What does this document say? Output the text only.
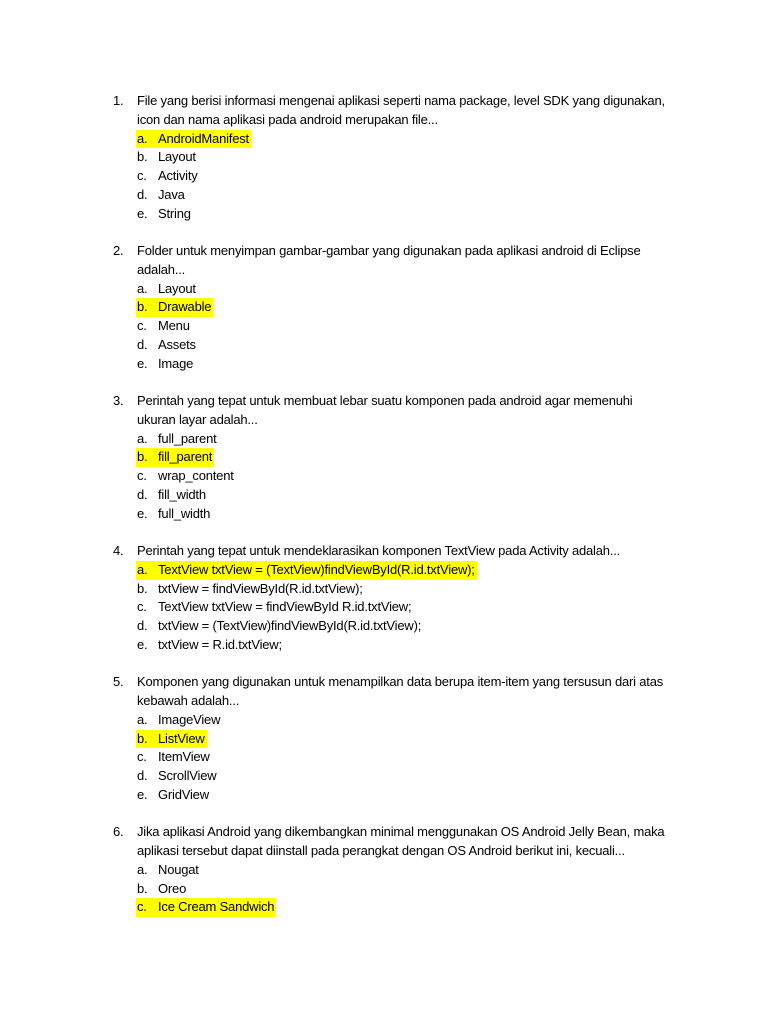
1.	File yang berisi informasi mengenai aplikasi seperti nama package, level SDK yang digunakan,
icon dan nama aplikasi pada android merupakan file...
a. AndroidManifest
b. Layout
c. Activity
d. Java
e. String
2.	Folder untuk menyimpan gambar-gambar yang digunakan pada aplikasi android di Eclipse
adalah...
a. Layout
b. Drawable
c. Menu
d. Assets
e. Image
3.	Perintah yang tepat untuk membuat lebar suatu komponen pada android agar memenuhi
ukuran layar adalah...
a. full_parent
b. fill_parent
c. wrap_content
d. fill_width
e. full_width
4.	Perintah yang tepat untuk mendeklarasikan komponen TextView pada Activity adalah...
a. TextView txtView = (TextView)findViewById(R.id.txtView);
b. txtView = findViewById(R.id.txtView);
c. TextView txtView = findViewById R.id.txtView;
d. txtView = (TextView)findViewById(R.id.txtView);
e. txtView = R.id.txtView;
5.	Komponen yang digunakan untuk menampilkan data berupa item-item yang tersusun dari atas
kebawah adalah...
a. ImageView
b. ListView
c. ItemView
d. ScrollView
e. GridView
6.	Jika aplikasi Android yang dikembangkan minimal menggunakan OS Android Jelly Bean, maka
aplikasi tersebut dapat diinstall pada perangkat dengan OS Android berikut ini, kecuali...
a. Nougat
b. Oreo
c. Ice Cream Sandwich
